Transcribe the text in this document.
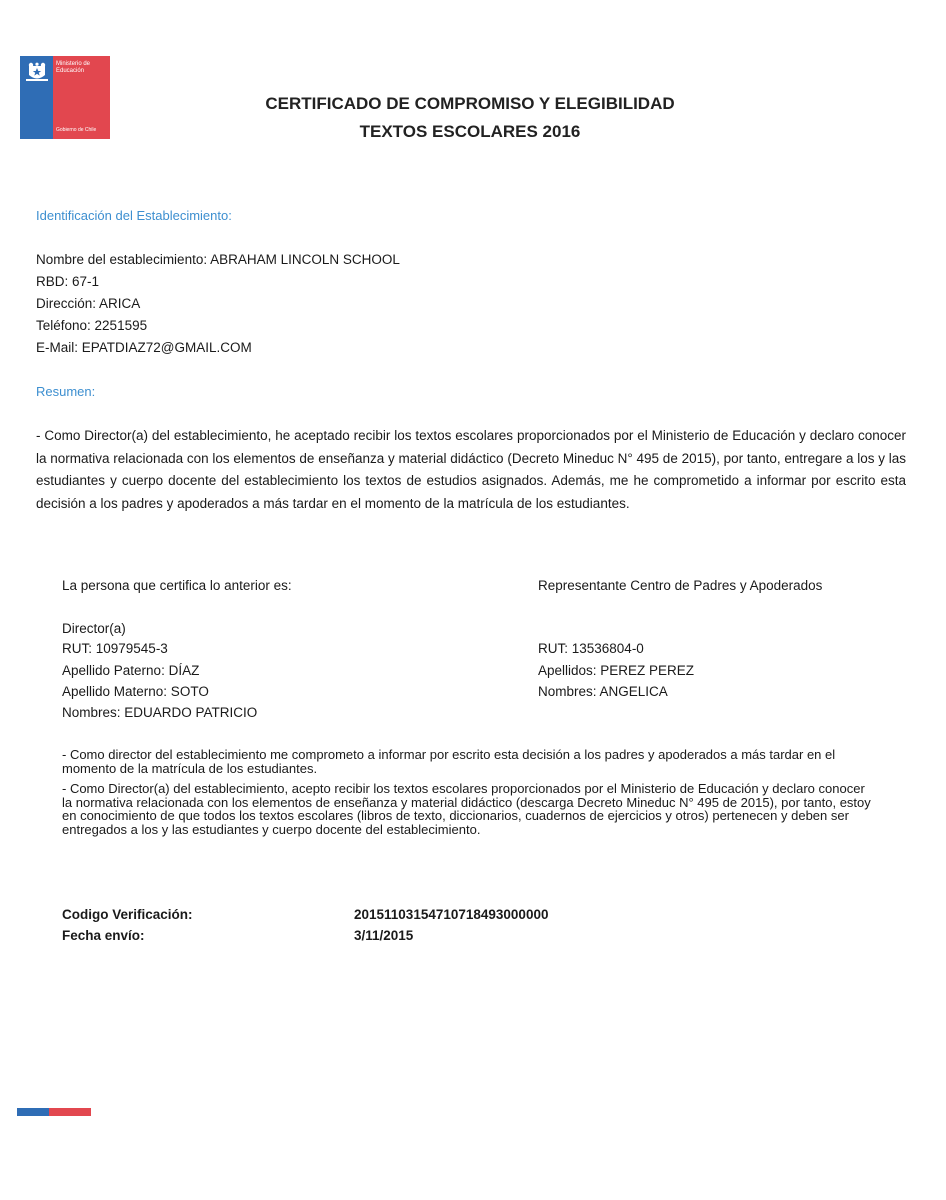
Ministerio de
Educación
Gobierno de Chile
CERTIFICADO DE COMPROMISO Y ELEGIBILIDAD
TEXTOS ESCOLARES 2016
Identificación del Establecimiento:
Nombre del establecimiento: ABRAHAM LINCOLN SCHOOL
RBD: 67-1
Dirección: ARICA
Teléfono: 2251595
E-Mail: EPATDIAZ72@GMAIL.COM
Resumen:
- Como Director(a) del establecimiento, he aceptado recibir los textos escolares proporcionados por el Ministerio de Educación y declaro conocer la normativa relacionada con los elementos de enseñanza y material didáctico (Decreto Mineduc N° 495 de 2015), por tanto, entregare a los y las estudiantes y cuerpo docente del establecimiento los textos de estudios asignados. Además, me he comprometido a informar por escrito esta decisión a los padres y apoderados a más tardar en el momento de la matrícula de los estudiantes.
La persona que certifica lo anterior es:
Director(a)
RUT: 10979545-3
Apellido Paterno: DÍAZ
Apellido Materno: SOTO
Nombres: EDUARDO PATRICIO
Representante Centro de Padres y Apoderados
RUT: 13536804-0
Apellidos: PEREZ PEREZ
Nombres: ANGELICA
- Como director del establecimiento me comprometo a informar por escrito esta decisión a los padres y apoderados a más tardar en el momento de la matrícula de los estudiantes.
- Como Director(a) del establecimiento, acepto recibir los textos escolares proporcionados por el Ministerio de Educación y declaro conocer la normativa relacionada con los elementos de enseñanza y material didáctico (descarga Decreto Mineduc N° 495 de 2015), por tanto, estoy en conocimiento de que todos los textos escolares (libros de texto, diccionarios, cuadernos de ejercicios y otros) pertenecen y deben ser entregados a los y las estudiantes y cuerpo docente del establecimiento.
Codigo Verificación:	20151103154710718493000000
Fecha envío:	3/11/2015
